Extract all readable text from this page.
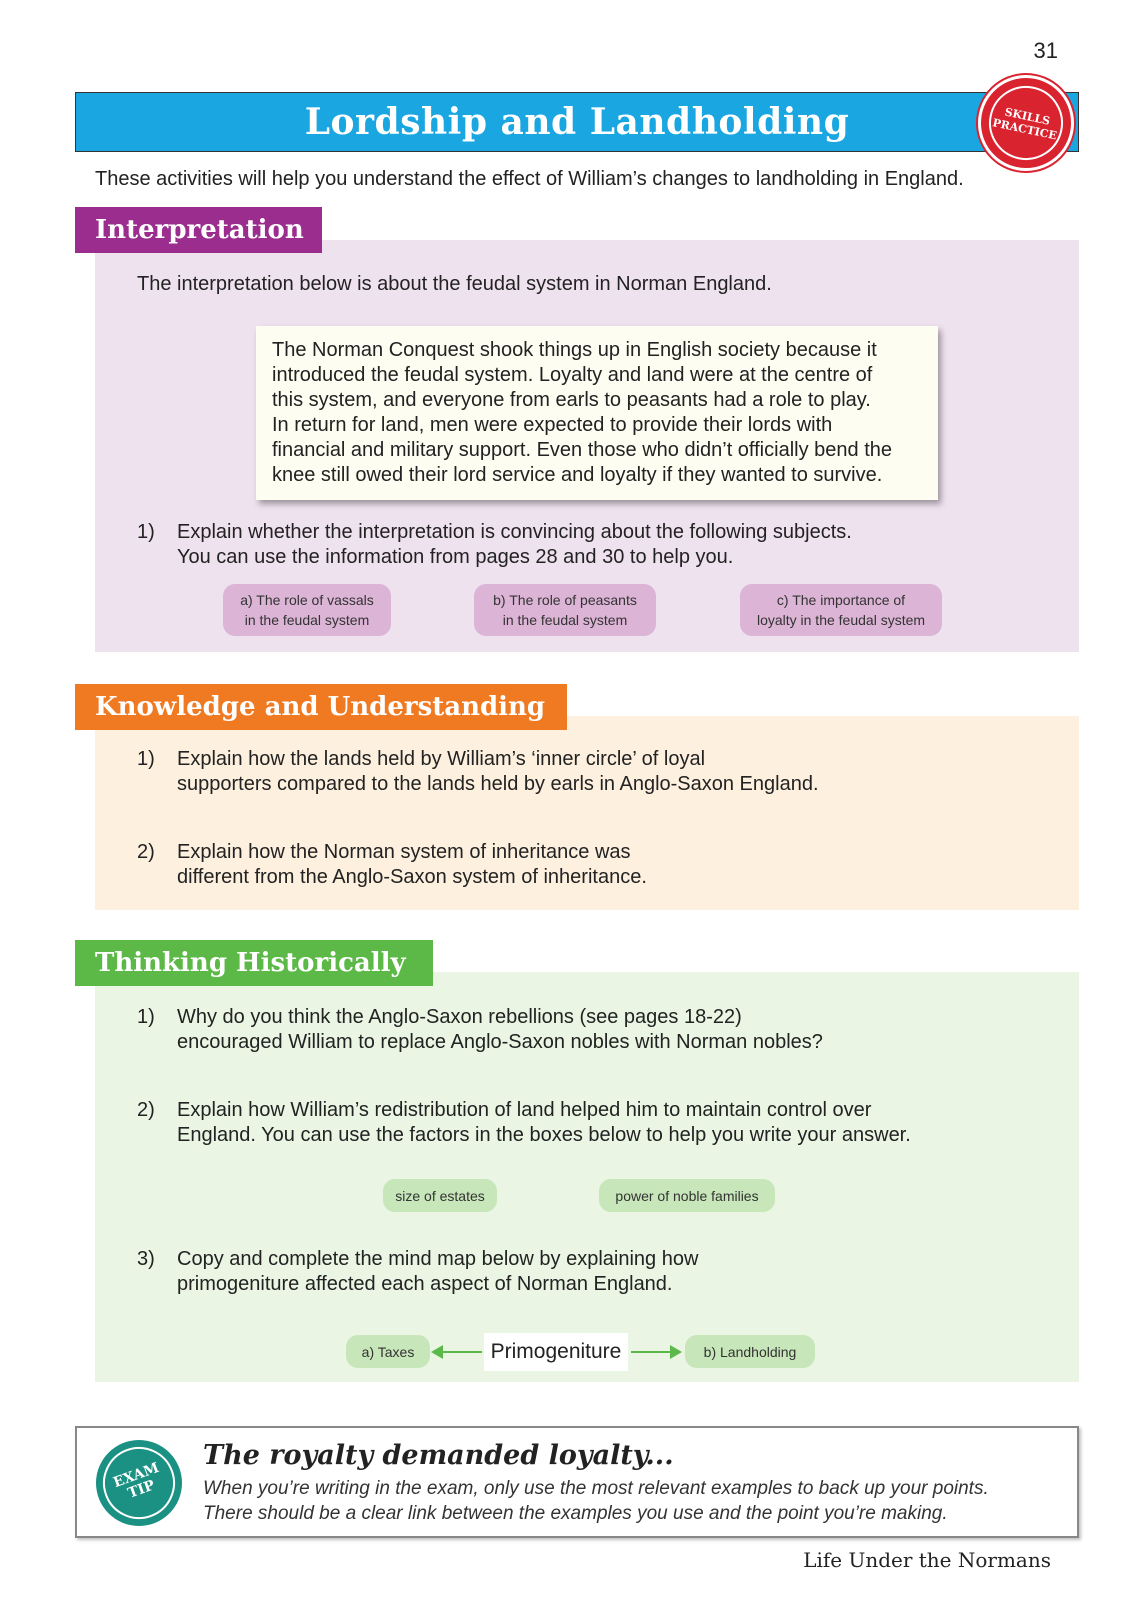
31
Lordship and Landholding	SKILLS
PRACTICE
These activities will help you understand the effect of William’s changes to landholding in England.
Interpretation
The interpretation below is about the feudal system in Norman England.
The Norman Conquest shook things up in English society because it
introduced the feudal system. Loyalty and land were at the centre of
this system, and everyone from earls to peasants had a role to play.
In return for land, men were expected to provide their lords with
financial and military support. Even those who didn’t officially bend the
knee still owed their lord service and loyalty if they wanted to survive.
1)	Explain whether the interpretation is convincing about the following subjects.
You can use the information from pages 28 and 30 to help you.
a) The role of vassals
in the feudal system
b) The role of peasants
in the feudal system
c) The importance of
loyalty in the feudal system
Knowledge and Understanding
1)	Explain how the lands held by William’s ‘inner circle’ of loyal
supporters compared to the lands held by earls in Anglo-Saxon England.
2)	Explain how the Norman system of inheritance was
different from the Anglo-Saxon system of inheritance.
Thinking Historically
1)	Why do you think the Anglo-Saxon rebellions (see pages 18-22)
encouraged William to replace Anglo-Saxon nobles with Norman nobles?
2)	Explain how William’s redistribution of land helped him to maintain control over
England. You can use the factors in the boxes below to help you write your answer.
size of estates	power of noble families
3)	Copy and complete the mind map below by explaining how
primogeniture affected each aspect of Norman England.
a) Taxes	Primogeniture	b) Landholding
EXAM
TIP
The royalty demanded loyalty...
When you’re writing in the exam, only use the most relevant examples to back up your points.
There should be a clear link between the examples you use and the point you’re making.
Life Under the Normans
